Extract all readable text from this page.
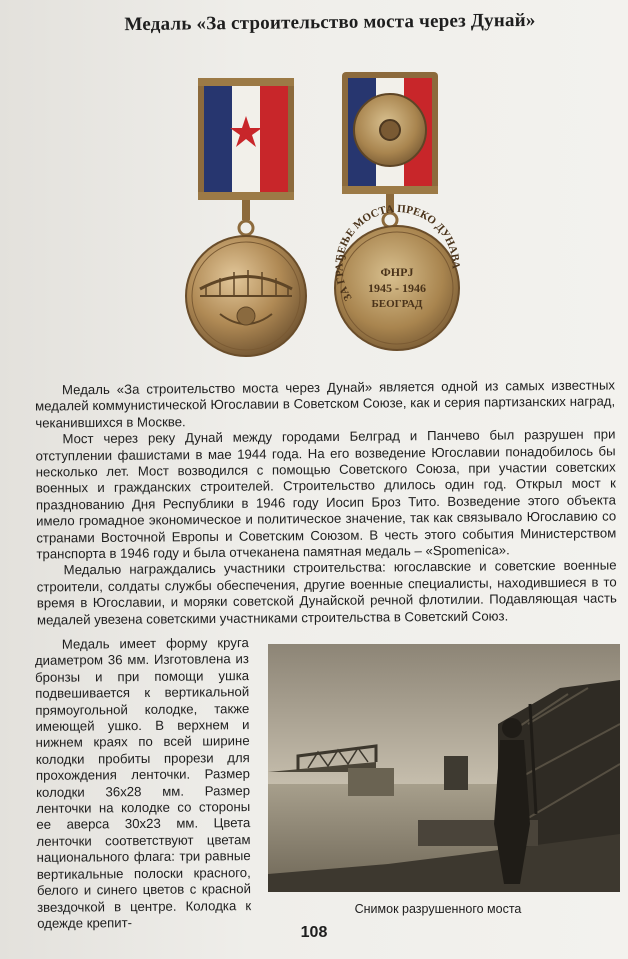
Медаль «За строительство моста через Дунай»
ЗА ГРАЂЕЊЕ МОСТА ПРЕКО ДУНАВА
ФНРЈ
1945 - 1946
БЕОГРАД

Медаль «За строительство моста через Дунай» является одной из самых известных медалей коммунистической Югославии в Советском Союзе, как и серия партизанских наград, чеканившихся в Москве.

Мост через реку Дунай между городами Белград и Панчево был разрушен при отступлении фашистами в мае 1944 года. На его возведение Югославии понадобилось бы несколько лет. Мост возводился с помощью Советского Союза, при участии советских военных и гражданских строителей. Строительство длилось один год. Открыл мост к празднованию Дня Республики в 1946 году Иосип Броз Тито. Возведение этого объекта имело громадное экономическое и политическое значение, так как связывало Югославию со странами Восточной Европы и Советским Союзом. В честь этого события Министерством транспорта в 1946 году и была отчеканена памятная медаль – «Spomenica».

Медалью награждались участники строительства: югославские и советские военные строители, солдаты службы обеспечения, другие военные специалисты, находившиеся в то время в Югославии, и моряки советской Дунайской речной флотилии. Подавляющая часть медалей увезена советскими участниками строительства в Советский Союз.

Медаль имеет форму круга диаметром 36 мм. Изготовлена из бронзы и при помощи ушка подвешивается к вертикальной прямоугольной колодке, также имеющей ушко. В верхнем и нижнем краях по всей ширине колодки пробиты прорези для прохождения ленточки. Размер колодки 36х28 мм. Размер ленточки на колодке со стороны ее аверса 30х23 мм. Цвета ленточки соответствуют цветам национального флага: три равные вертикальные полоски красного, белого и синего цветов с красной звездочкой в центре. Колодка к одежде крепит-

Снимок разрушенного моста
108
